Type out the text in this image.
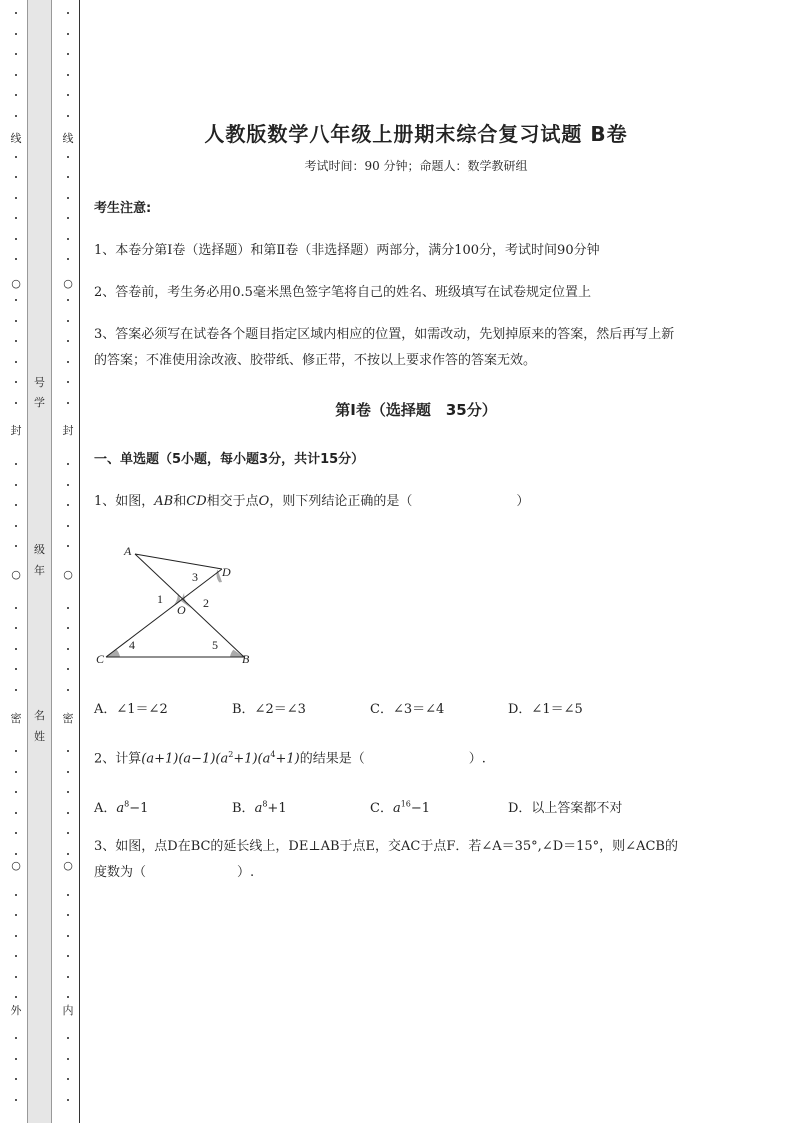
线
○
封
○
密
○
外
号
学
级
年
名
姓
线
○
封
○
密
○
内
人教版数学八年级上册期末综合复习试题 B卷
考试时间：90 分钟；命题人：数学教研组
考生注意:
1、本卷分第Ⅰ卷（选择题）和第Ⅱ卷（非选择题）两部分，满分100分，考试时间90分钟
2、答卷前，考生务必用0.5毫米黑色签字笔将自己的姓名、班级填写在试卷规定位置上
3、答案必须写在试卷各个题目指定区域内相应的位置，如需改动，先划掉原来的答案，然后再写上新
的答案；不准使用涂改液、胶带纸、修正带，不按以上要求作答的答案无效。
第Ⅰ卷（选择题　35分）
一、单选题（5小题，每小题3分，共计15分）
1、如图，AB和CD相交于点O，则下列结论正确的是（　　　　　　　　）
A
D
C	B
O
1	2
3
4	5
A．∠1＝∠2	B．∠2＝∠3	C．∠3＝∠4	D．∠1＝∠5
2、计算$(a+1)(a-1)(a^2+1)(a^4+1)$的结果是（　　　　　　　　）.
A．$a^8-1$	B．$a^8+1$	C．$a^{16}-1$	D．以上答案都不对
3、如图，点D在BC的延长线上，DE⊥AB于点E，交AC于点F．若∠A＝35°,∠D＝15°，则∠ACB的
度数为（　　　　　　　）.
